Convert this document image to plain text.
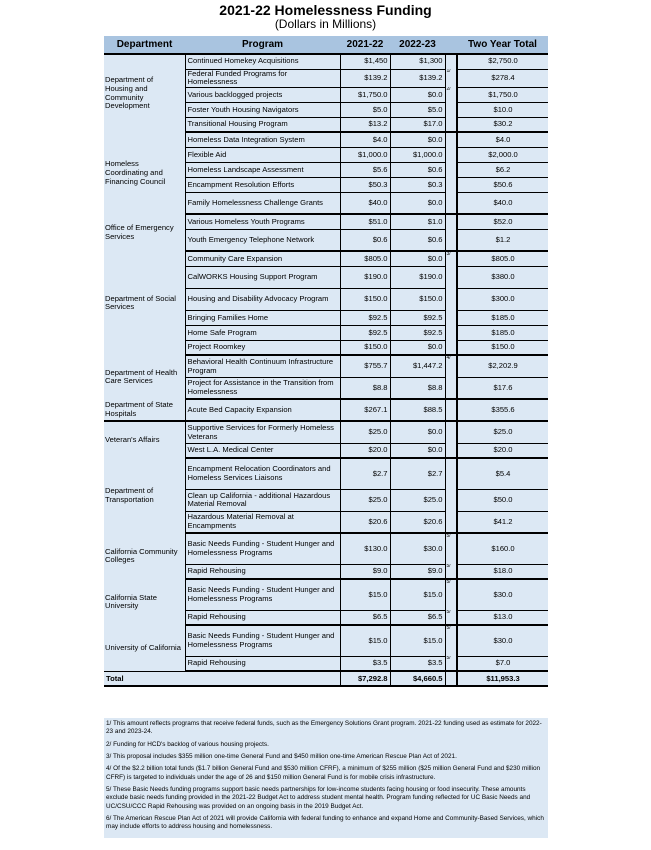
2021-22 Homelessness Funding
(Dollars in Millions)
Department	Program	2021-22	2022-23		Two Year Total
Department of Housing and Community Development	Continued Homekey Acquisitions	$1,450	$1,300		$2,750.0
	Federal Funded Programs for Homelessness	$139.2	$139.2	1/	$278.4
	Various backlogged projects	$1,750.0	$0.0	2/	$1,750.0
	Foster Youth Housing Navigators	$5.0	$5.0		$10.0
	Transitional Housing Program	$13.2	$17.0		$30.2
Homeless Coordinating and Financing Council	Homeless Data Integration System	$4.0	$0.0		$4.0
	Flexible Aid	$1,000.0	$1,000.0		$2,000.0
	Homeless Landscape Assessment	$5.6	$0.6		$6.2
	Encampment Resolution Efforts	$50.3	$0.3		$50.6
	Family Homelessness Challenge Grants	$40.0	$0.0		$40.0
Office of Emergency Services	Various Homeless Youth Programs	$51.0	$1.0		$52.0
	Youth Emergency Telephone Network	$0.6	$0.6		$1.2
Department of Social Services	Community Care Expansion	$805.0	$0.0	3/	$805.0
	CalWORKS Housing Support Program	$190.0	$190.0		$380.0
	Housing and Disability Advocacy Program	$150.0	$150.0		$300.0
	Bringing Families Home	$92.5	$92.5		$185.0
	Home Safe Program	$92.5	$92.5		$185.0
	Project Roomkey	$150.0	$0.0		$150.0
Department of Health Care Services	Behavioral Health Continuum Infrastructure Program	$755.7	$1,447.2	4/	$2,202.9
	Project for Assistance in the Transition from Homelessness	$8.8	$8.8		$17.6
Department of State Hospitals	Acute Bed Capacity Expansion	$267.1	$88.5		$355.6
Veteran's Affairs	Supportive Services for Formerly Homeless Veterans	$25.0	$0.0		$25.0
	West L.A. Medical Center	$20.0	$0.0		$20.0
Department of Transportation	Encampment Relocation Coordinators and Homeless Services Liaisons	$2.7	$2.7		$5.4
	Clean up California - additional Hazardous Material Removal	$25.0	$25.0		$50.0
	Hazardous Material Removal at Encampments	$20.6	$20.6		$41.2
California Community Colleges	Basic Needs Funding - Student Hunger and Homelessness Programs	$130.0	$30.0	5/	$160.0
	Rapid Rehousing	$9.0	$9.0	5/	$18.0
California State University	Basic Needs Funding - Student Hunger and Homelessness Programs	$15.0	$15.0	5/	$30.0
	Rapid Rehousing	$6.5	$6.5	5/	$13.0
University of California	Basic Needs Funding - Student Hunger and Homelessness Programs	$15.0	$15.0	5/	$30.0
	Rapid Rehousing	$3.5	$3.5	5/	$7.0
Total		$7,292.8	$4,660.5		$11,953.3

1/ This amount reflects programs that receive federal funds, such as the Emergency Solutions Grant program. 2021-22 funding used as estimate for 2022-23 and 2023-24.

2/ Funding for HCD's backlog of various housing projects.

3/ This proposal includes $355 million one-time General Fund and $450 million one-time American Rescue Plan Act of 2021.

4/ Of the $2.2 billion total funds ($1.7 billion General Fund and $530 million CFRF), a minimum of $255 million ($25 million General Fund and $230 million CFRF) is targeted to individuals under the age of 26 and $150 million General Fund is for mobile crisis infrastructure.

5/ These Basic Needs funding programs support basic needs partnerships for low-income students facing housing or food insecurity. These amounts exclude basic needs funding provided in the 2021-22 Budget Act to address student mental health. Program funding reflected for UC Basic Needs and UC/CSU/CCC Rapid Rehousing was provided on an ongoing basis in the 2019 Budget Act.

6/ The American Rescue Plan Act of 2021 will provide California with federal funding to enhance and expand Home and Community-Based Services, which may include efforts to address housing and homelessness.
